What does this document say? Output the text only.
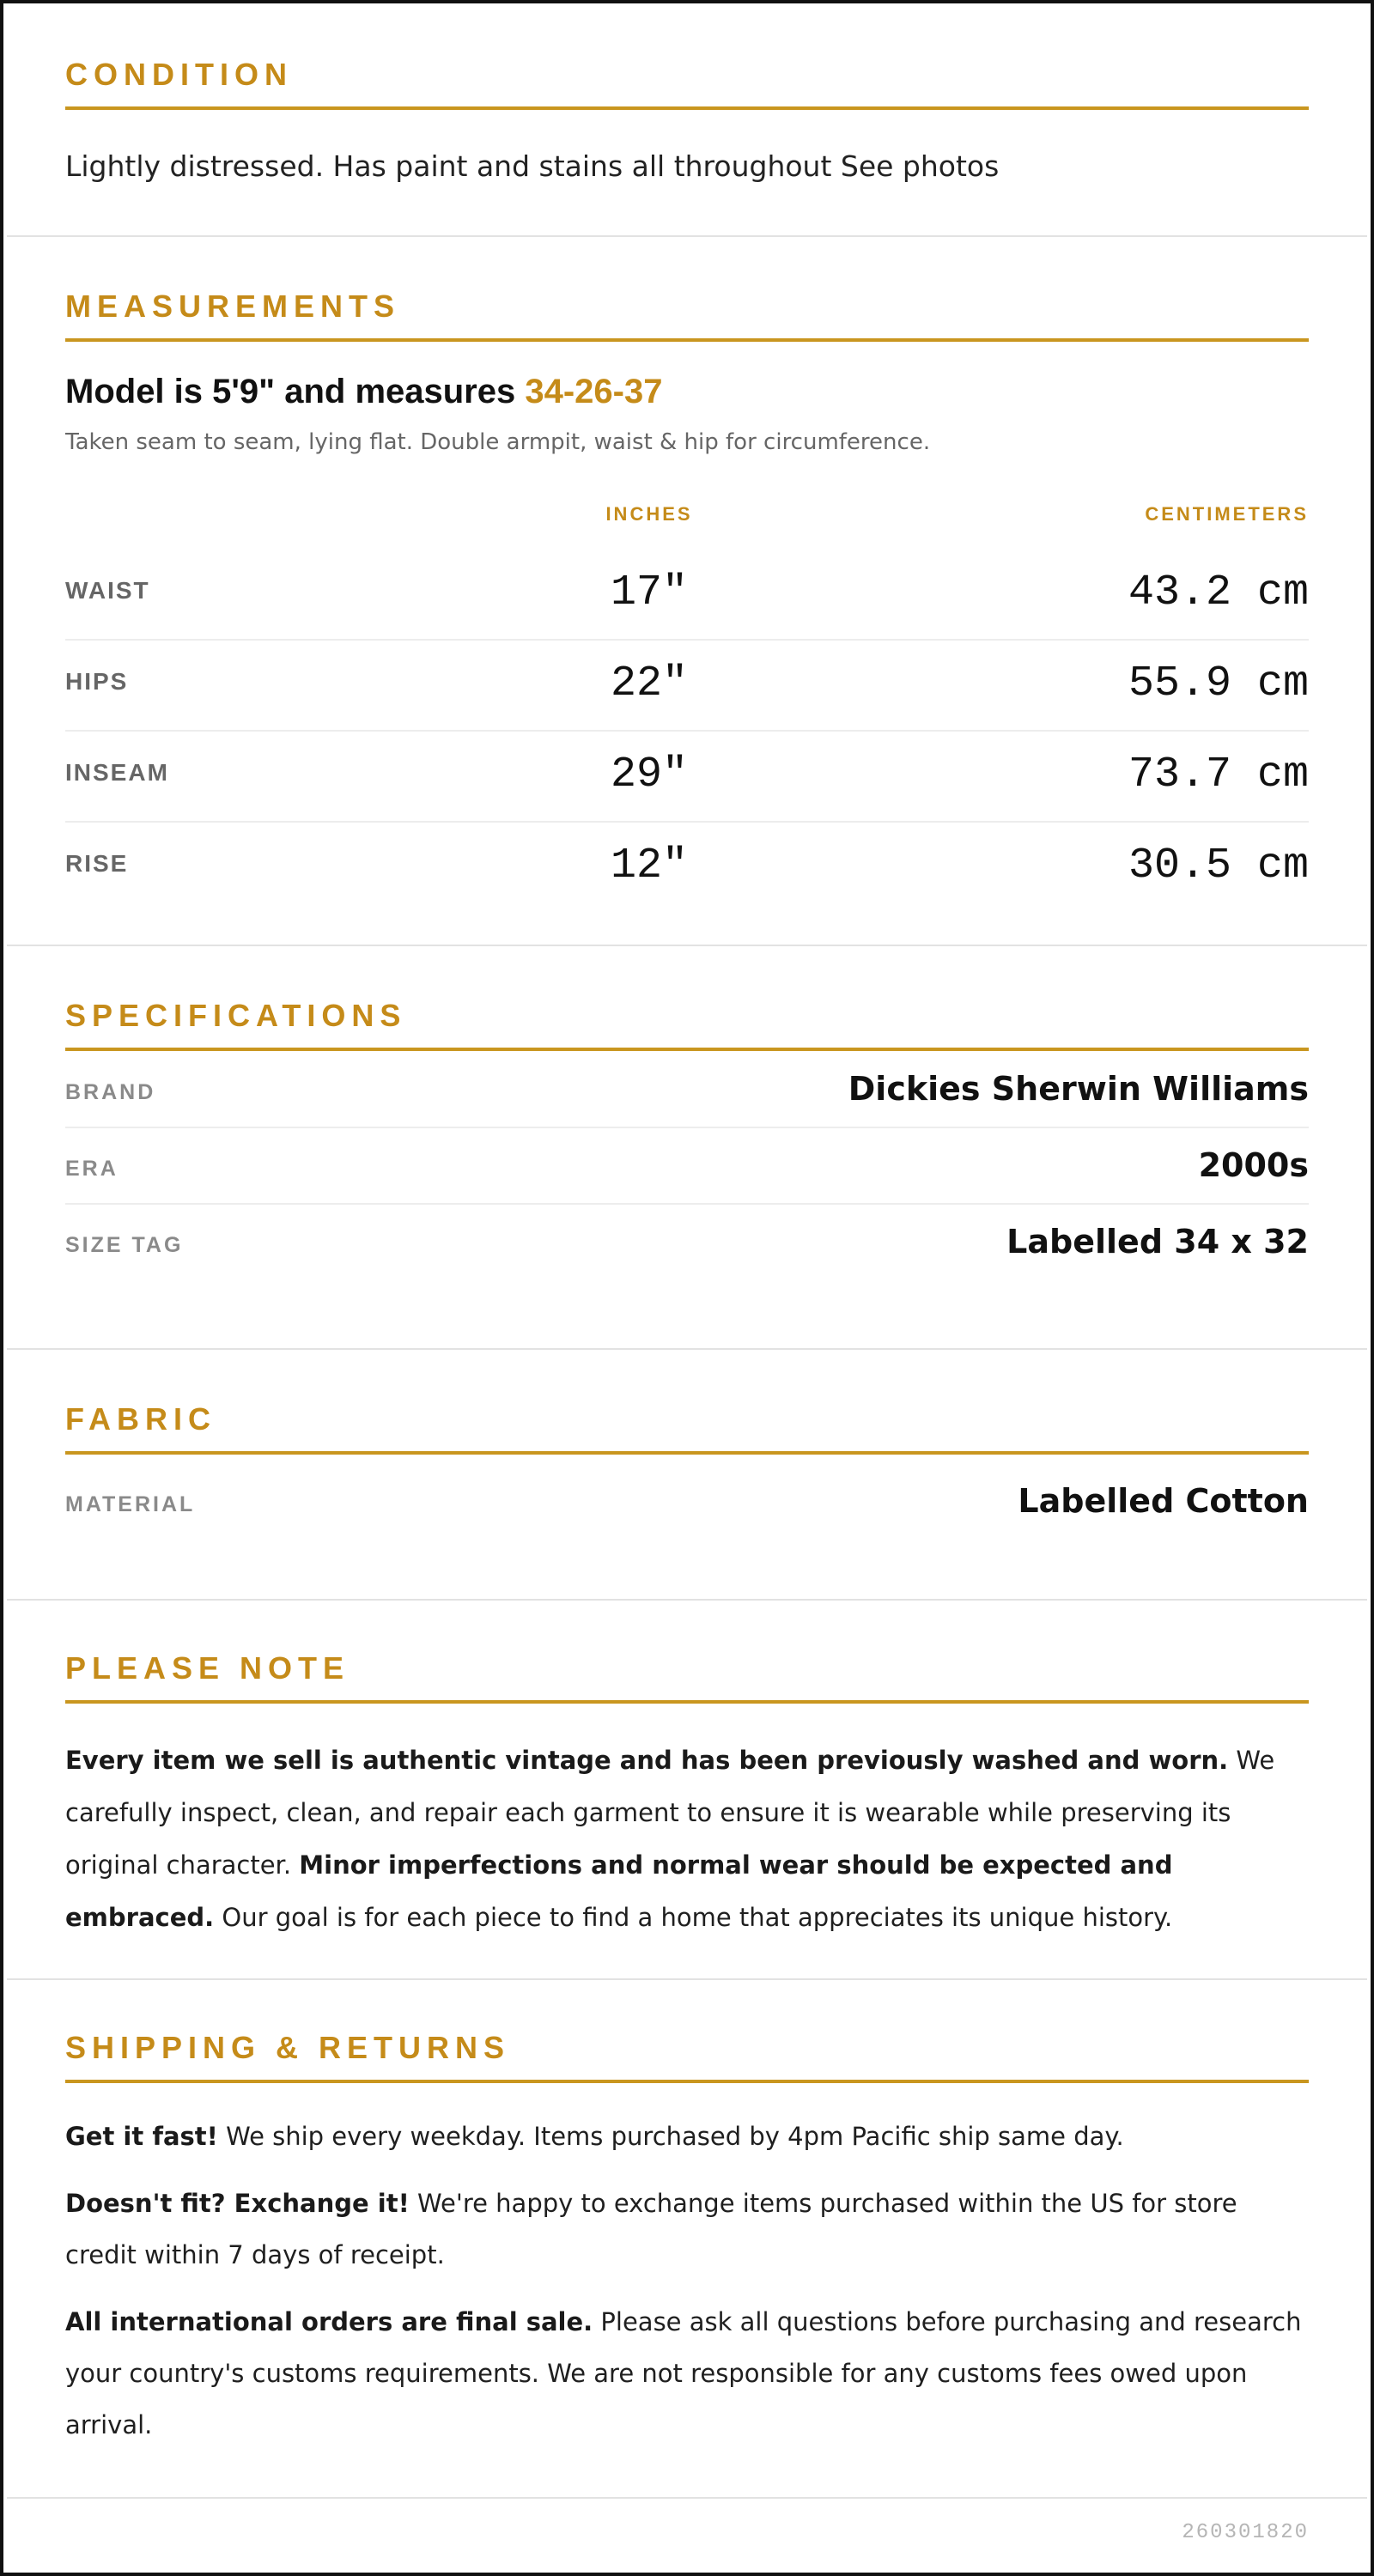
CONDITION
Lightly distressed. Has paint and stains all throughout See photos
MEASUREMENTS
Model is 5'9" and measures 34-26-37
Taken seam to seam, lying flat. Double armpit, waist & hip for circumference.
INCHES	CENTIMETERS
WAIST	17"	43.2 cm
HIPS	22"	55.9 cm
INSEAM	29"	73.7 cm
RISE	12"	30.5 cm
SPECIFICATIONS
BRAND	Dickies Sherwin Williams
ERA	2000s
SIZE TAG	Labelled 34 x 32
FABRIC
MATERIAL	Labelled Cotton
PLEASE NOTE
Every item we sell is authentic vintage and has been previously washed and worn. We carefully inspect, clean, and repair each garment to ensure it is wearable while preserving its original character. Minor imperfections and normal wear should be expected and embraced. Our goal is for each piece to find a home that appreciates its unique history.
SHIPPING & RETURNS
Get it fast! We ship every weekday. Items purchased by 4pm Pacific ship same day.
Doesn't fit? Exchange it! We're happy to exchange items purchased within the US for store credit within 7 days of receipt.
All international orders are final sale. Please ask all questions before purchasing and research your country's customs requirements. We are not responsible for any customs fees owed upon arrival.
260301820
